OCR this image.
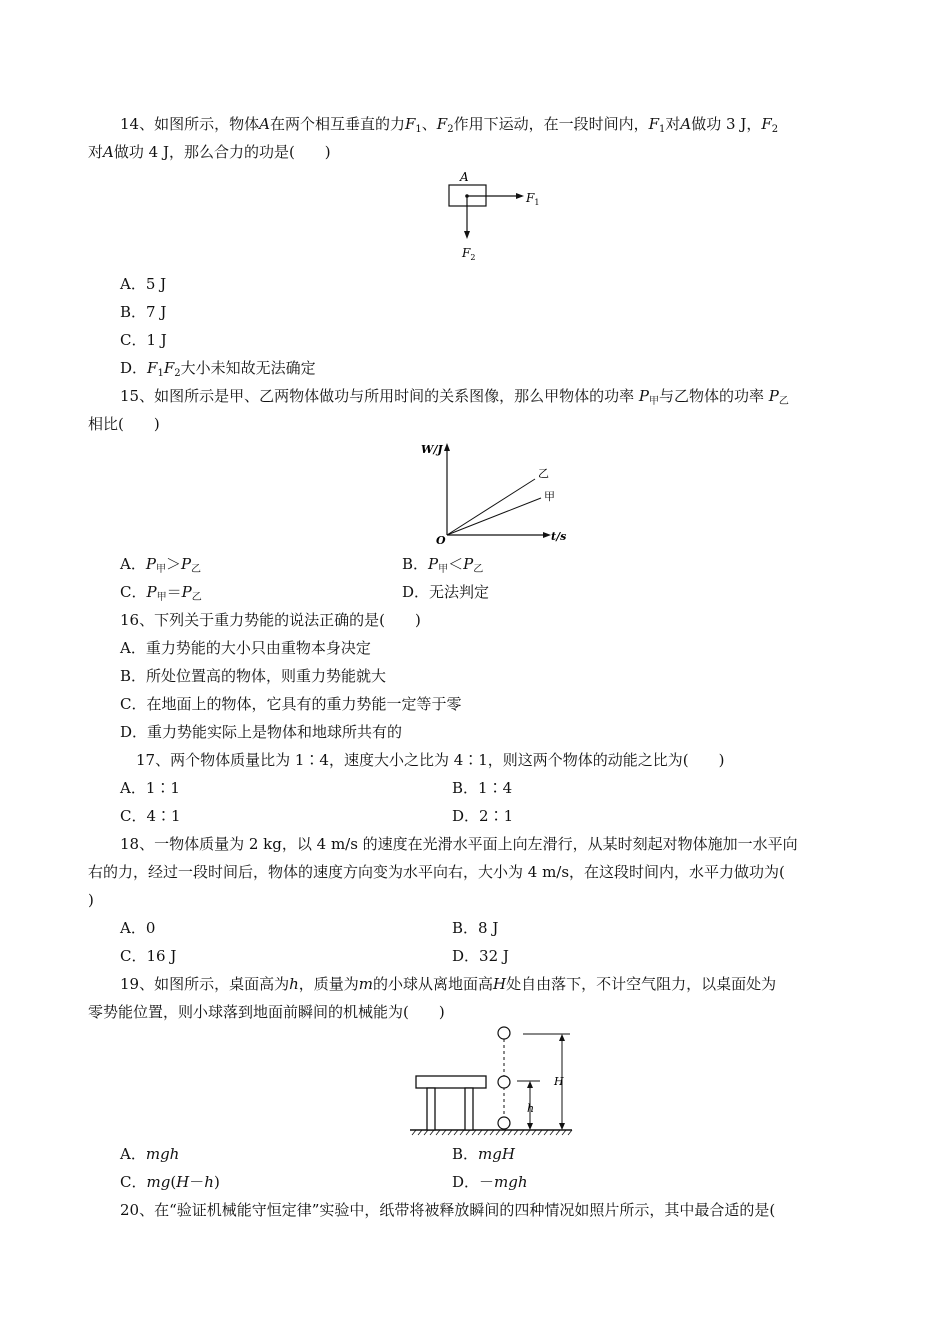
14、如图所示，物体A在两个相互垂直的力$F_1$、$F_2$作用下运动，在一段时间内，$F_1$对A做功 3 J，$F_2$
对A做功 4 J，那么合力的功是(　　)
A
$F_1$
$F_2$
A．5 J
B．7 J
C．1 J
D．$F_1F_2$大小未知故无法确定
15、如图所示是甲、乙两物体做功与所用时间的关系图像，那么甲物体的功率 $P_甲$与乙物体的功率 $P_乙$
相比(　　)
W/J
t/s
O
乙
甲
A．$P_甲>P_乙$	B．$P_甲<P_乙$
C．$P_甲=P_乙$	D．无法判定
16、下列关于重力势能的说法正确的是(　　)
A．重力势能的大小只由重物本身决定
B．所处位置高的物体，则重力势能就大
C．在地面上的物体，它具有的重力势能一定等于零
D．重力势能实际上是物体和地球所共有的
17、两个物体质量比为 1∶4，速度大小之比为 4∶1，则这两个物体的动能之比为(　　)
A．1∶1	B．1∶4
C．4∶1	D．2∶1
18、一物体质量为 2 kg，以 4 m/s 的速度在光滑水平面上向左滑行，从某时刻起对物体施加一水平向
右的力，经过一段时间后，物体的速度方向变为水平向右，大小为 4 m/s，在这段时间内，水平力做功为(
)
A．0	B．8 J
C．16 J	D．32 J
19、如图所示，桌面高为h，质量为m的小球从离地面高H处自由落下，不计空气阻力，以桌面处为
零势能位置，则小球落到地面前瞬间的机械能为(　　)
H
h
A．mgh	B．mgH
C．mg(H－h)	D．－mgh
20、在“验证机械能守恒定律”实验中，纸带将被释放瞬间的四种情况如照片所示，其中最合适的是(
